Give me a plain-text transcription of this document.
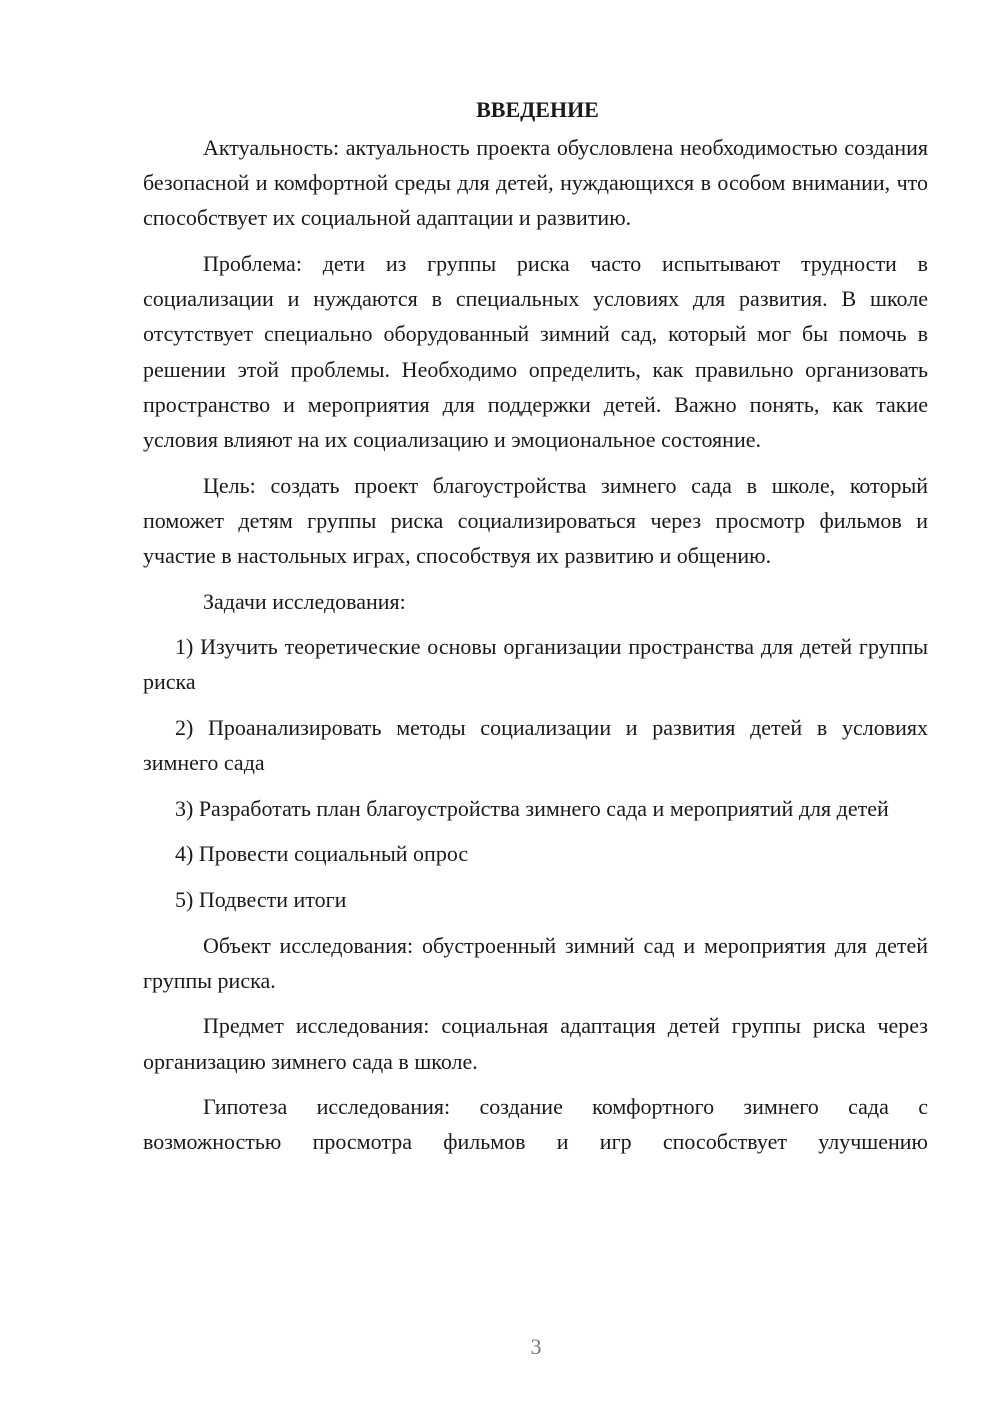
ВВЕДЕНИЕ

Актуальность: актуальность проекта обусловлена необходимостью создания безопасной и комфортной среды для детей, нуждающихся в особом внимании, что способствует их социальной адаптации и развитию.

Проблема: дети из группы риска часто испытывают трудности в социализации и нуждаются в специальных условиях для развития. В школе отсутствует специально оборудованный зимний сад, который мог бы помочь в решении этой проблемы. Необходимо определить, как правильно организовать пространство и мероприятия для поддержки детей. Важно понять, как такие условия влияют на их социализацию и эмоциональное состояние.

Цель: создать проект благоустройства зимнего сада в школе, который поможет детям группы риска социализироваться через просмотр фильмов и участие в настольных играх, способствуя их развитию и общению.

Задачи исследования:

1) Изучить теоретические основы организации пространства для детей группы риска

2) Проанализировать методы социализации и развития детей в условиях зимнего сада

3) Разработать план благоустройства зимнего сада и мероприятий для детей

4) Провести социальный опрос

5) Подвести итоги

Объект исследования: обустроенный зимний сад и мероприятия для детей группы риска.

Предмет исследования: социальная адаптация детей группы риска через организацию зимнего сада в школе.

Гипотеза исследования: создание комфортного зимнего сада с возможностью просмотра фильмов и игр способствует улучшению

3
